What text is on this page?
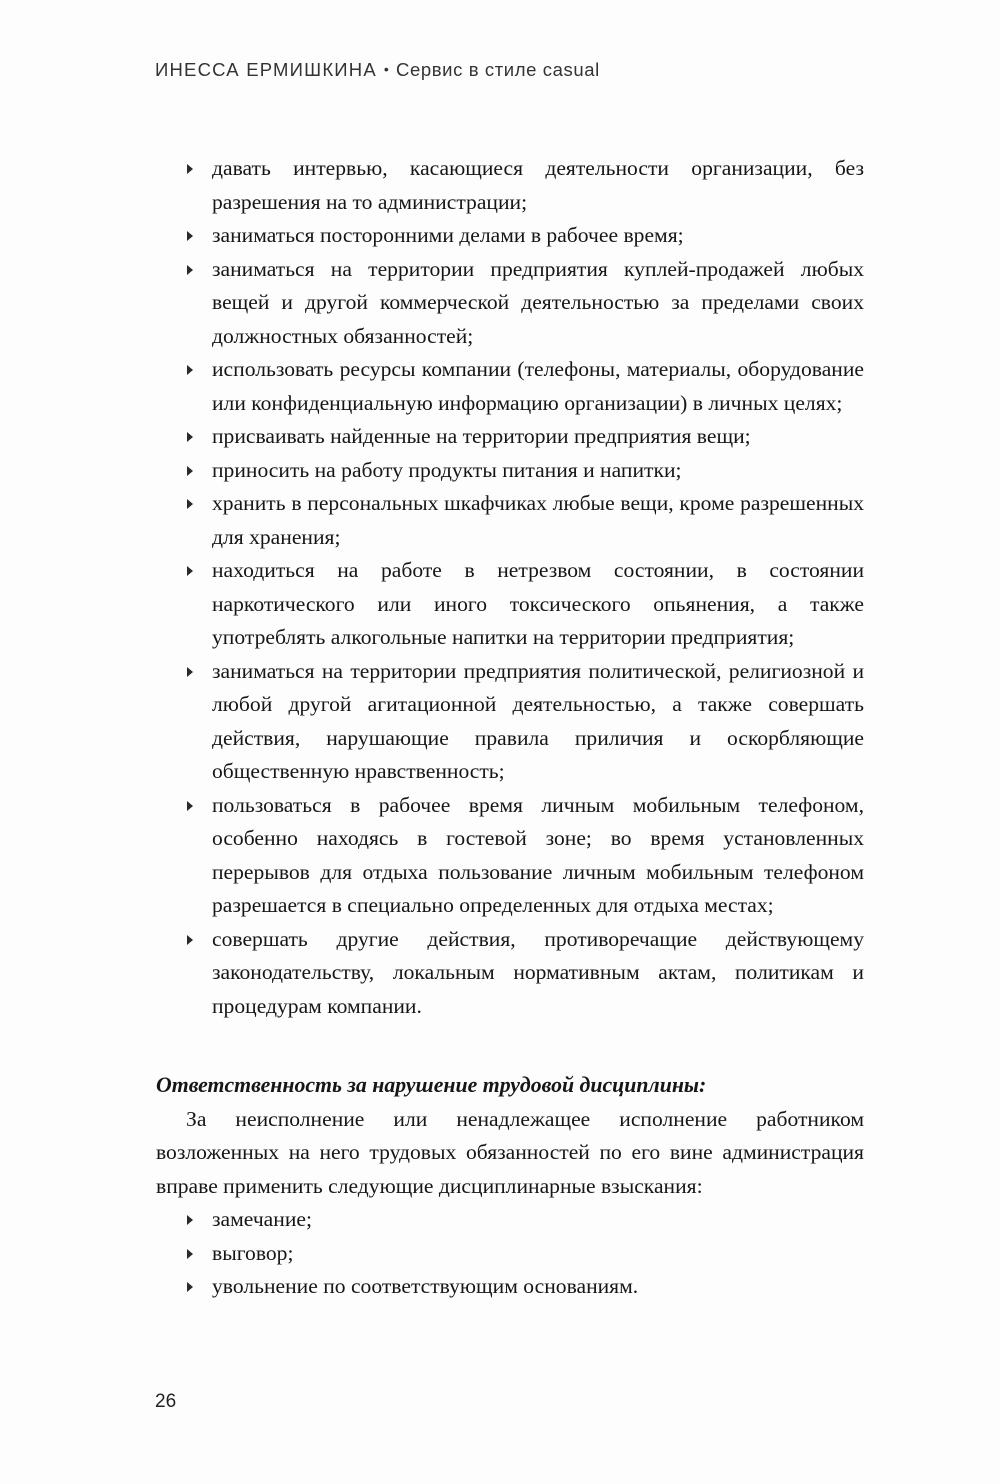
ИНЕССА ЕРМИШКИНА • Сервис в стиле casual
давать интервью, касающиеся деятельности организации, без разрешения на то администрации;
заниматься посторонними делами в рабочее время;
заниматься на территории предприятия куплей-продажей любых вещей и другой коммерческой деятельностью за пределами своих должностных обязанностей;
использовать ресурсы компании (телефоны, материалы, оборудование или конфиденциальную информацию организации) в личных целях;
присваивать найденные на территории предприятия вещи;
приносить на работу продукты питания и напитки;
хранить в персональных шкафчиках любые вещи, кроме разрешенных для хранения;
находиться на работе в нетрезвом состоянии, в состоянии наркотического или иного токсического опьянения, а также употреблять алкогольные напитки на территории предприятия;
заниматься на территории предприятия политической, религиозной и любой другой агитационной деятельностью, а также совершать действия, нарушающие правила приличия и оскорбляющие общественную нравственность;
пользоваться в рабочее время личным мобильным телефоном, особенно находясь в гостевой зоне; во время установленных перерывов для отдыха пользование личным мобильным телефоном разрешается в специально определенных для отдыха местах;
совершать другие действия, противоречащие действующему законодательству, локальным нормативным актам, политикам и процедурам компании.
Ответственность за нарушение трудовой дисциплины:

За неисполнение или ненадлежащее исполнение работником возложенных на него трудовых обязанностей по его вине администрация вправе применить следующие дисциплинарные взыскания:

замечание;
выговор;
увольнение по соответствующим основаниям.
26
